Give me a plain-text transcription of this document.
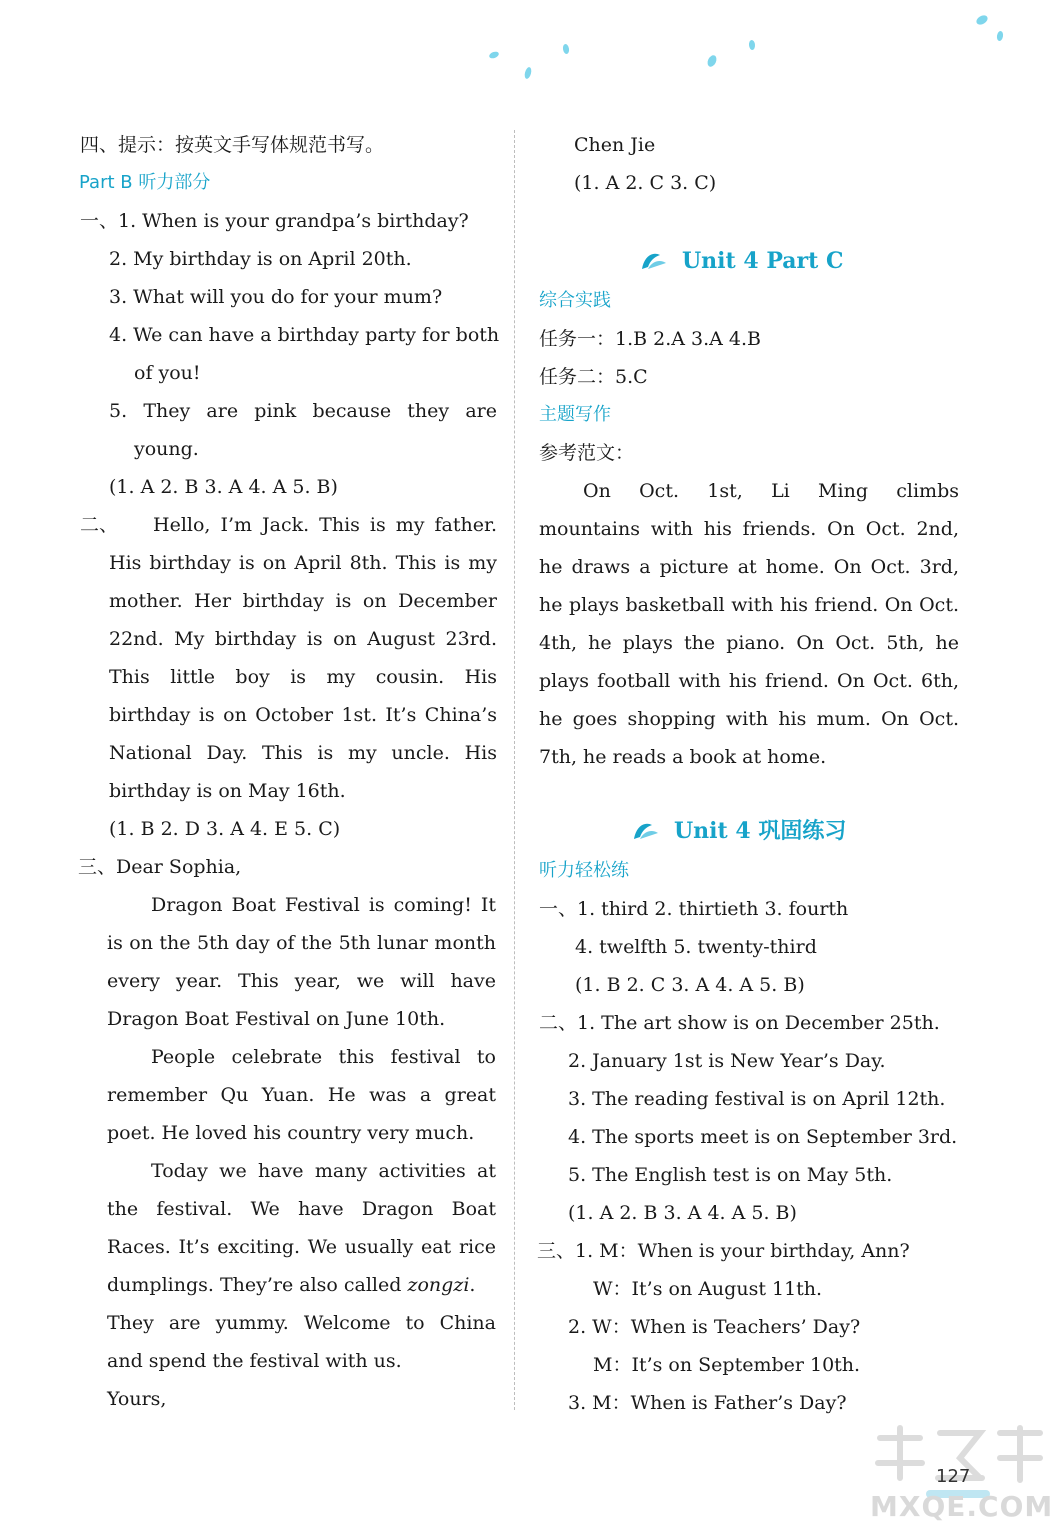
四、提示：按英文手写体规范书写。
Part B 听力部分
一、1. When is your grandpa’s birthday?
2. My birthday is on April 20th.
3. What will you do for your mum?
4. We can have a birthday party for both
of you!
5. They are pink because they are
young.
(1. A 2. B 3. A 4. A 5. B)
二、 Hello, I’m Jack. This is my father.
His birthday is on April 8th. This is my
mother. Her birthday is on December
22nd. My birthday is on August 23rd.
This little boy is my cousin. His
birthday is on October 1st. It’s China’s
National Day. This is my uncle. His
birthday is on May 16th.
(1. B 2. D 3. A 4. E 5. C)
三、Dear Sophia,
Dragon Boat Festival is coming! It
is on the 5th day of the 5th lunar month
every year. This year, we will have
Dragon Boat Festival on June 10th.
People celebrate this festival to
remember Qu Yuan. He was a great
poet. He loved his country very much.
Today we have many activities at
the festival. We have Dragon Boat
Races. It’s exciting. We usually eat rice
dumplings. They’re also called zongzi.
They are yummy. Welcome to China
and spend the festival with us.
Yours,
Chen Jie
(1. A 2. C 3. C)
Unit 4 Part C
综合实践
任务一：1.B 2.A 3.A 4.B
任务二：5.C
主题写作
参考范文：
On Oct. 1st, Li Ming climbs
mountains with his friends. On Oct. 2nd,
he draws a picture at home. On Oct. 3rd,
he plays basketball with his friend. On Oct.
4th, he plays the piano. On Oct. 5th, he
plays football with his friend. On Oct. 6th,
he goes shopping with his mum. On Oct.
7th, he reads a book at home.
Unit 4 巩固练习
听力轻松练
一、1. third 2. thirtieth 3. fourth
4. twelfth 5. twenty-third
(1. B 2. C 3. A 4. A 5. B)
二、1. The art show is on December 25th.
2. January 1st is New Year’s Day.
3. The reading festival is on April 12th.
4. The sports meet is on September 3rd.
5. The English test is on May 5th.
(1. A 2. B 3. A 4. A 5. B)
三、1. M：When is your birthday, Ann?
W：It’s on August 11th.
2. W：When is Teachers’ Day?
M：It’s on September 10th.
3. M：When is Father’s Day?
127
MXQE.COM
